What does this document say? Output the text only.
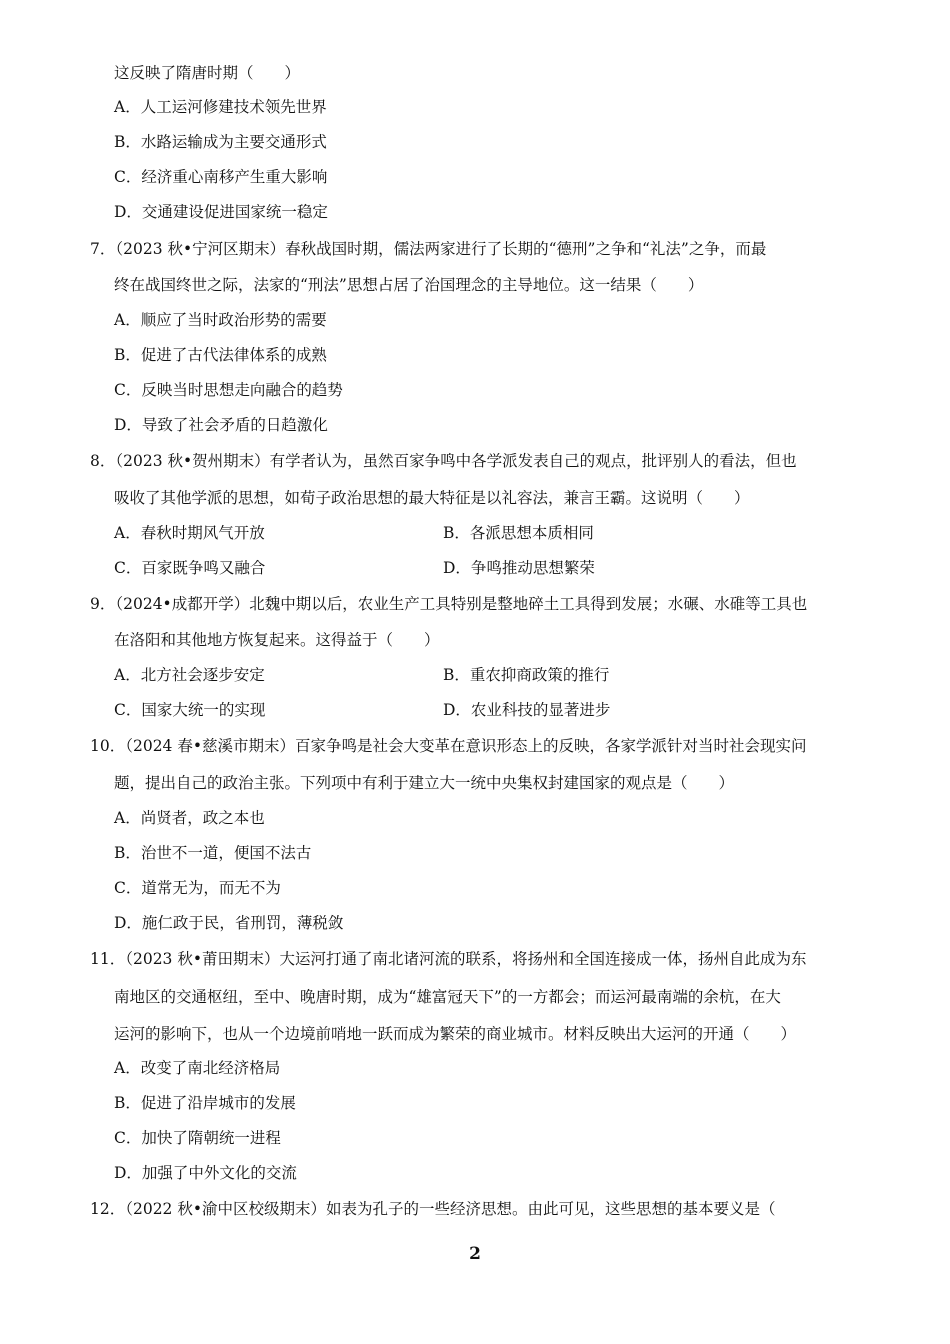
这反映了隋唐时期（　　）
A．人工运河修建技术领先世界
B．水路运输成为主要交通形式
C．经济重心南移产生重大影响
D．交通建设促进国家统一稳定
7．（2023 秋•宁河区期末）春秋战国时期，儒法两家进行了长期的“德刑”之争和“礼法”之争，而最
终在战国终世之际，法家的“刑法”思想占居了治国理念的主导地位。这一结果（　　）
A．顺应了当时政治形势的需要
B．促进了古代法律体系的成熟
C．反映当时思想走向融合的趋势
D．导致了社会矛盾的日趋激化
8．（2023 秋•贺州期末）有学者认为，虽然百家争鸣中各学派发表自己的观点，批评别人的看法，但也
吸收了其他学派的思想，如荀子政治思想的最大特征是以礼容法，兼言王霸。这说明（　　）
A．春秋时期风气开放	B．各派思想本质相同
C．百家既争鸣又融合	D．争鸣推动思想繁荣
9．（2024•成都开学）北魏中期以后，农业生产工具特别是整地碎土工具得到发展；水碾、水碓等工具也
在洛阳和其他地方恢复起来。这得益于（　　）
A．北方社会逐步安定	B．重农抑商政策的推行
C．国家大统一的实现	D．农业科技的显著进步
10．（2024 春•慈溪市期末）百家争鸣是社会大变革在意识形态上的反映，各家学派针对当时社会现实问
题，提出自己的政治主张。下列项中有利于建立大一统中央集权封建国家的观点是（　　）
A．尚贤者，政之本也
B．治世不一道，便国不法古
C．道常无为，而无不为
D．施仁政于民，省刑罚，薄税敛
11．（2023 秋•莆田期末）大运河打通了南北诸河流的联系，将扬州和全国连接成一体，扬州自此成为东
南地区的交通枢纽，至中、晚唐时期，成为“雄富冠天下”的一方都会；而运河最南端的余杭，在大
运河的影响下，也从一个边境前哨地一跃而成为繁荣的商业城市。材料反映出大运河的开通（　　）
A．改变了南北经济格局
B．促进了沿岸城市的发展
C．加快了隋朝统一进程
D．加强了中外文化的交流
12．（2022 秋•渝中区校级期末）如表为孔子的一些经济思想。由此可见，这些思想的基本要义是（
2
